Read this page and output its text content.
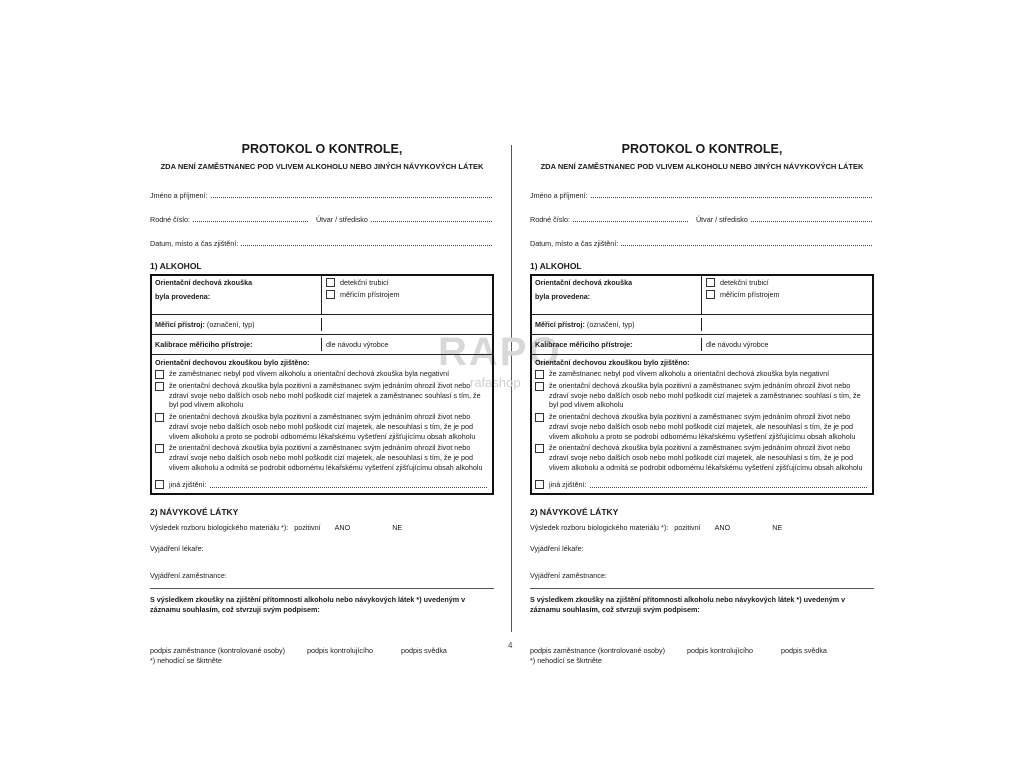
RAPO
rafashop
4
PROTOKOL O KONTROLE,
ZDA NENÍ ZAMĚSTNANEC POD VLIVEM ALKOHOLU NEBO JINÝCH NÁVYKOVÝCH LÁTEK
Jméno a příjmení:
Rodné číslo:	Útvar / středisko
Datum, místo a čas zjištění:
1) ALKOHOL
Orientační dechová zkouška
byla provedena:
detekční trubicí
měřicím přístrojem
Měřicí přístroj: (označení, typ)
Kalibrace měřicího přístroje:	dle návodu výrobce
Orientační dechovou zkouškou bylo zjištěno:
že zaměstnanec nebyl pod vlivem alkoholu a orientační dechová zkouška byla negativní
že orientační dechová zkouška byla pozitivní a zaměstnanec svým jednáním ohrozil život nebo zdraví svoje nebo dalších osob nebo mohl poškodit cizí majetek a zaměstnanec souhlasí s tím, že byl pod vlivem alkoholu
že orientační dechová zkouška byla pozitivní a zaměstnanec svým jednáním ohrozil život nebo zdraví svoje nebo dalších osob nebo mohl poškodit cizí majetek, ale nesouhlasí s tím, že je pod vlivem alkoholu a proto se podrobí odbornému lékařskému vyšetření zjišťujícímu obsah alkoholu
že orientační dechová zkouška byla pozitivní a zaměstnanec svým jednáním ohrozil život nebo zdraví svoje nebo dalších osob nebo mohl poškodit cizí majetek, ale nesouhlasí s tím, že je pod vlivem alkoholu a odmítá se podrobit odbornému lékařskému vyšetření zjišťujícímu obsah alkoholu
jiná zjištění:
2) NÁVYKOVÉ LÁTKY
Výsledek rozboru biologického materiálu *): pozitivní ANO	NE
Vyjádření lékaře:
Vyjádření zaměstnance:
S výsledkem zkoušky na zjištění přítomnosti alkoholu nebo návykových látek *) uvedeným v záznamu souhlasím, což stvrzuji svým podpisem:
podpis zaměstnance (kontrolované osoby)	podpis kontrolujícího	podpis svědka
*) nehodící se škrtněte
PROTOKOL O KONTROLE,
ZDA NENÍ ZAMĚSTNANEC POD VLIVEM ALKOHOLU NEBO JINÝCH NÁVYKOVÝCH LÁTEK
Jméno a příjmení:
Rodné číslo:	Útvar / středisko
Datum, místo a čas zjištění:
1) ALKOHOL
Orientační dechová zkouška
byla provedena:
detekční trubicí
měřicím přístrojem
Měřicí přístroj: (označení, typ)
Kalibrace měřicího přístroje:	dle návodu výrobce
Orientační dechovou zkouškou bylo zjištěno:
že zaměstnanec nebyl pod vlivem alkoholu a orientační dechová zkouška byla negativní
že orientační dechová zkouška byla pozitivní a zaměstnanec svým jednáním ohrozil život nebo zdraví svoje nebo dalších osob nebo mohl poškodit cizí majetek a zaměstnanec souhlasí s tím, že byl pod vlivem alkoholu
že orientační dechová zkouška byla pozitivní a zaměstnanec svým jednáním ohrozil život nebo zdraví svoje nebo dalších osob nebo mohl poškodit cizí majetek, ale nesouhlasí s tím, že je pod vlivem alkoholu a proto se podrobí odbornému lékařskému vyšetření zjišťujícímu obsah alkoholu
že orientační dechová zkouška byla pozitivní a zaměstnanec svým jednáním ohrozil život nebo zdraví svoje nebo dalších osob nebo mohl poškodit cizí majetek, ale nesouhlasí s tím, že je pod vlivem alkoholu a odmítá se podrobit odbornému lékařskému vyšetření zjišťujícímu obsah alkoholu
jiná zjištění:
2) NÁVYKOVÉ LÁTKY
Výsledek rozboru biologického materiálu *): pozitivní ANO	NE
Vyjádření lékaře:
Vyjádření zaměstnance:
S výsledkem zkoušky na zjištění přítomnosti alkoholu nebo návykových látek *) uvedeným v záznamu souhlasím, což stvrzuji svým podpisem:
podpis zaměstnance (kontrolované osoby)	podpis kontrolujícího	podpis svědka
*) nehodící se škrtněte
